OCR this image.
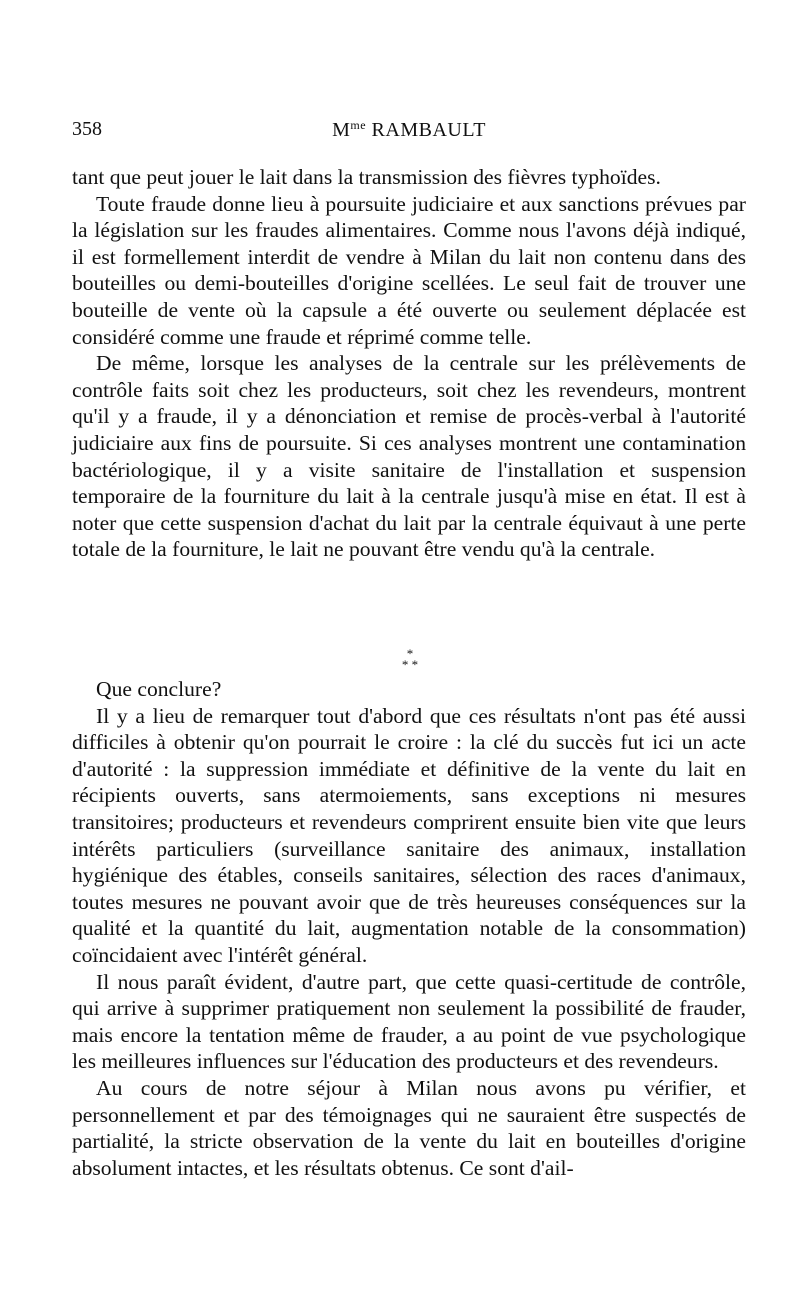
358	$M^{me}$ RAMBAULT

tant que peut jouer le lait dans la transmission des fièvres typhoïdes.

Toute fraude donne lieu à poursuite judiciaire et aux sanctions prévues par la législation sur les fraudes alimentaires. Comme nous l'avons déjà indiqué, il est formellement interdit de vendre à Milan du lait non contenu dans des bouteilles ou demi-bouteilles d'origine scellées. Le seul fait de trouver une bouteille de vente où la capsule a été ouverte ou seulement déplacée est considéré comme une fraude et réprimé comme telle.

De même, lorsque les analyses de la centrale sur les prélèvements de contrôle faits soit chez les producteurs, soit chez les revendeurs, montrent qu'il y a fraude, il y a dénonciation et remise de procès-verbal à l'autorité judiciaire aux fins de poursuite. Si ces analyses montrent une contamination bactériologique, il y a visite sanitaire de l'installation et suspension temporaire de la fourniture du lait à la centrale jusqu'à mise en état. Il est à noter que cette suspension d'achat du lait par la centrale équivaut à une perte totale de la fourniture, le lait ne pouvant être vendu qu'à la centrale.

*
* *

Que conclure?

Il y a lieu de remarquer tout d'abord que ces résultats n'ont pas été aussi difficiles à obtenir qu'on pourrait le croire : la clé du succès fut ici un acte d'autorité : la suppression immédiate et définitive de la vente du lait en récipients ouverts, sans atermoiements, sans exceptions ni mesures transitoires; producteurs et revendeurs comprirent ensuite bien vite que leurs intérêts particuliers (surveillance sanitaire des animaux, installation hygiénique des étables, conseils sanitaires, sélection des races d'animaux, toutes mesures ne pouvant avoir que de très heureuses conséquences sur la qualité et la quantité du lait, augmentation notable de la consommation) coïncidaient avec l'intérêt général.

Il nous paraît évident, d'autre part, que cette quasi-certitude de contrôle, qui arrive à supprimer pratiquement non seulement la possibilité de frauder, mais encore la tentation même de frauder, a au point de vue psychologique les meilleures influences sur l'éducation des producteurs et des revendeurs.

Au cours de notre séjour à Milan nous avons pu vérifier, et personnellement et par des témoignages qui ne sauraient être suspectés de partialité, la stricte observation de la vente du lait en bouteilles d'origine absolument intactes, et les résultats obtenus. Ce sont d'ail-
